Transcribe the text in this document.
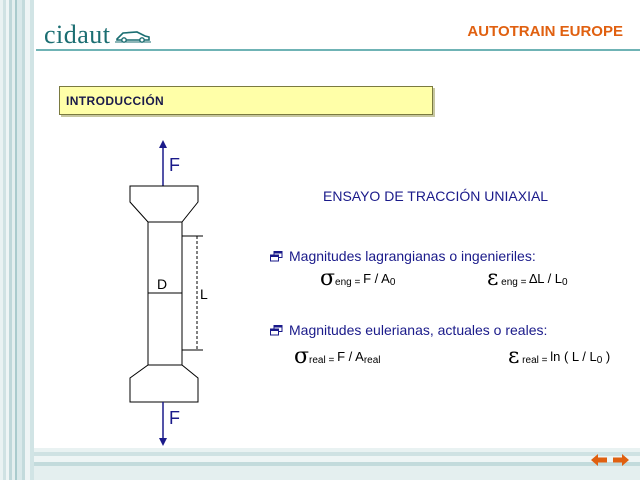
cidaut	AUTOTRAIN EUROPE
INTRODUCCIÓN
F
F
D
L
ENSAYO DE TRACCIÓN UNIAXIAL
Magnitudes lagrangianas o ingenieriles:
$\sigma_{eng =}$ F / $A_0$	ε $_{eng =}$ $\Delta L / L_0$
Magnitudes eulerianas, actuales o reales:
$\sigma_{real =}$ F / $A_{real}$	ε $_{real =}$ ln ( L / $L_0$ )
